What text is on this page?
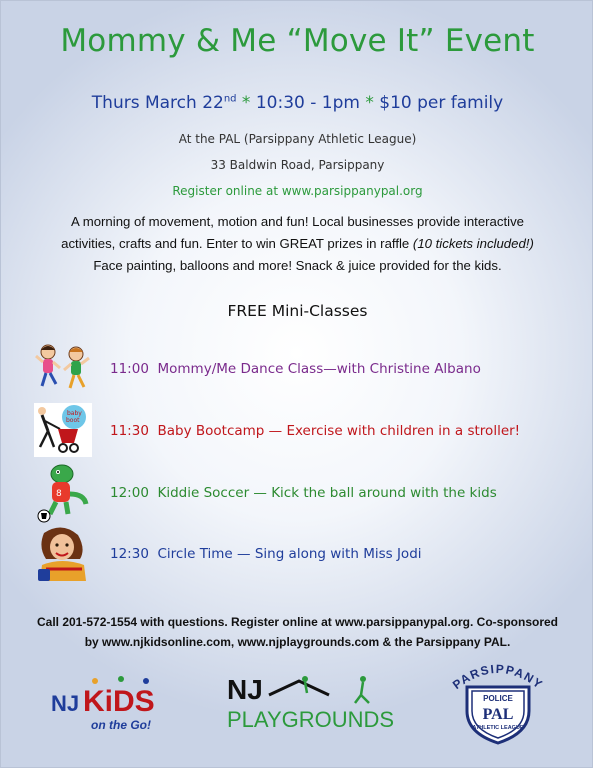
Mommy & Me “Move It” Event
Thurs March 22nd * 10:30 - 1pm * $10 per family
At the PAL (Parsippany Athletic League)
33 Baldwin Road, Parsippany
Register online at www.parsippanypal.org
A morning of movement, motion and fun! Local businesses provide interactive
activities, crafts and fun. Enter to win GREAT prizes in raffle (10 tickets included!)
Face painting, balloons and more! Snack & juice provided for the kids.
FREE Mini-Classes
11:00 Mommy/Me Dance Class—with Christine Albano
baby
boot
11:30 Baby Bootcamp — Exercise with children in a stroller!
8	12:00 Kiddie Soccer — Kick the ball around with the kids
12:30 Circle Time — Sing along with Miss Jodi
Call 201-572-1554 with questions. Register online at www.parsippanypal.org. Co-sponsored
by www.njkidsonline.com, www.njplaygrounds.com & the Parsippany PAL.
NJ KiDS
on the Go!
NJ
PLAYGROUNDS
PARSIPPANY
POLICE
PAL
ATHLETIC LEAGUE
